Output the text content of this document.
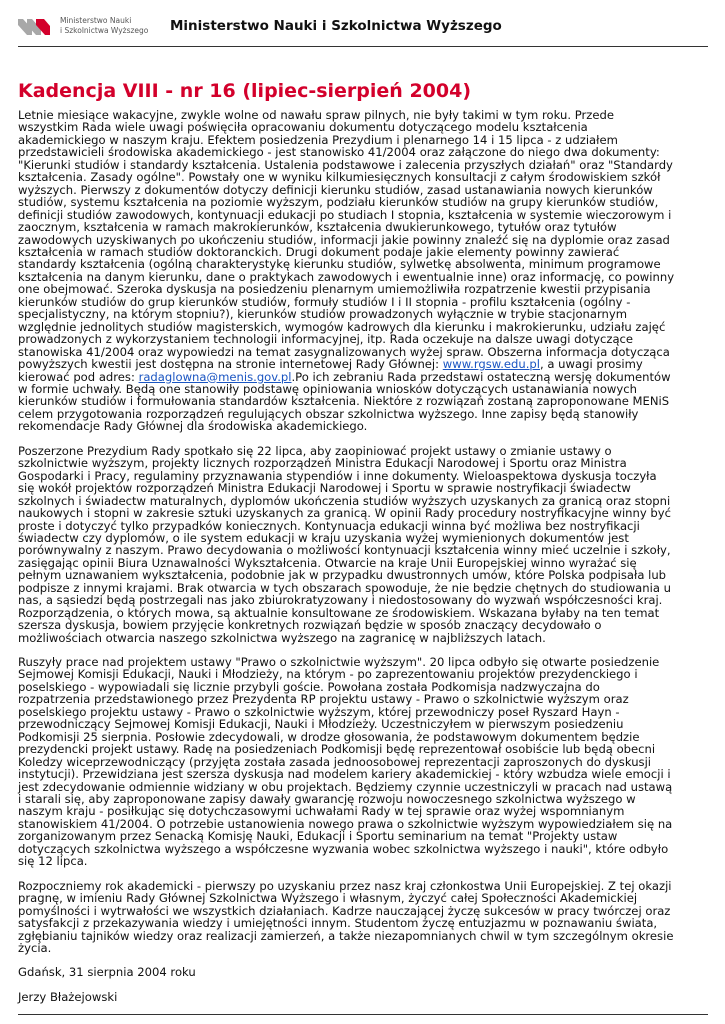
Ministerstwo Nauki
i Szkolnictwa Wyższego Ministerstwo Nauki i Szkolnictwa Wyższego
Kadencja VIII - nr 16 (lipiec-sierpień 2004)

Letnie miesiące wakacyjne, zwykle wolne od nawału spraw pilnych, nie były takimi w tym roku. Przede
wszystkim Rada wiele uwagi poświęciła opracowaniu dokumentu dotyczącego modelu kształcenia
akademickiego w naszym kraju. Efektem posiedzenia Prezydium i plenarnego 14 i 15 lipca - z udziałem
przedstawicieli środowiska akademickiego - jest stanowisko 41/2004 oraz załączone do niego dwa dokumenty:
"Kierunki studiów i standardy kształcenia. Ustalenia podstawowe i zalecenia przyszłych działań" oraz "Standardy
kształcenia. Zasady ogólne". Powstały one w wyniku kilkumiesięcznych konsultacji z całym środowiskiem szkół
wyższych. Pierwszy z dokumentów dotyczy definicji kierunku studiów, zasad ustanawiania nowych kierunków
studiów, systemu kształcenia na poziomie wyższym, podziału kierunków studiów na grupy kierunków studiów,
definicji studiów zawodowych, kontynuacji edukacji po studiach I stopnia, kształcenia w systemie wieczorowym i
zaocznym, kształcenia w ramach makrokierunków, kształcenia dwukierunkowego, tytułów oraz tytułów
zawodowych uzyskiwanych po ukończeniu studiów, informacji jakie powinny znaleźć się na dyplomie oraz zasad
kształcenia w ramach studiów doktoranckich. Drugi dokument podaje jakie elementy powinny zawierać
standardy kształcenia (ogólną charakterystykę kierunku studiów, sylwetkę absolwenta, minimum programowe
kształcenia na danym kierunku, dane o praktykach zawodowych i ewentualnie inne) oraz informację, co powinny
one obejmować. Szeroka dyskusja na posiedzeniu plenarnym umiemożliwiła rozpatrzenie kwestii przypisania
kierunków studiów do grup kierunków studiów, formuły studiów I i II stopnia - profilu kształcenia (ogólny -
specjalistyczny, na którym stopniu?), kierunków studiów prowadzonych wyłącznie w trybie stacjonarnym
względnie jednolitych studiów magisterskich, wymogów kadrowych dla kierunku i makrokierunku, udziału zajęć
prowadzonych z wykorzystaniem technologii informacyjnej, itp. Rada oczekuje na dalsze uwagi dotyczące
stanowiska 41/2004 oraz wypowiedzi na temat zasygnalizowanych wyżej spraw. Obszerna informacja dotycząca
powyższych kwestii jest dostępna na stronie internetowej Rady Głównej: www.rgsw.edu.pl, a uwagi prosimy
kierować pod adres: radaglowna@menis.gov.pl.Po ich zebraniu Rada przedstawi ostateczną wersję dokumentów
w formie uchwały. Będą one stanowiły podstawę opiniowania wniosków dotyczących ustanawiania nowych
kierunków studiów i formułowania standardów kształcenia. Niektóre z rozwiązań zostaną zaproponowane MENiS
celem przygotowania rozporządzeń regulujących obszar szkolnictwa wyższego. Inne zapisy będą stanowiły
rekomendacje Rady Głównej dla środowiska akademickiego.

Poszerzone Prezydium Rady spotkało się 22 lipca, aby zaopiniować projekt ustawy o zmianie ustawy o
szkolnictwie wyższym, projekty licznych rozporządzeń Ministra Edukacji Narodowej i Sportu oraz Ministra
Gospodarki i Pracy, regulaminy przyznawania stypendiów i inne dokumenty. Wieloaspektowa dyskusja toczyła
się wokół projektów rozporządzeń Ministra Edukacji Narodowej i Sportu w sprawie nostryfikacji świadectw
szkolnych i świadectw maturalnych, dyplomów ukończenia studiów wyższych uzyskanych za granicą oraz stopni
naukowych i stopni w zakresie sztuki uzyskanych za granicą. W opinii Rady procedury nostryfikacyjne winny być
proste i dotyczyć tylko przypadków koniecznych. Kontynuacja edukacji winna być możliwa bez nostryfikacji
świadectw czy dyplomów, o ile system edukacji w kraju uzyskania wyżej wymienionych dokumentów jest
porównywalny z naszym. Prawo decydowania o możliwości kontynuacji kształcenia winny mieć uczelnie i szkoły,
zasięgając opinii Biura Uznawalności Wykształcenia. Otwarcie na kraje Unii Europejskiej winno wyrażać się
pełnym uznawaniem wykształcenia, podobnie jak w przypadku dwustronnych umów, które Polska podpisała lub
podpisze z innymi krajami. Brak otwarcia w tych obszarach spowoduje, że nie będzie chętnych do studiowania u
nas, a sąsiedzi będą postrzegali nas jako zbiurokratyzowany i niedostosowany do wyzwań współczesności kraj.
Rozporządzenia, o których mowa, są aktualnie konsultowane ze środowiskiem. Wskazana byłaby na ten temat
szersza dyskusja, bowiem przyjęcie konkretnych rozwiązań będzie w sposób znaczący decydowało o
możliwościach otwarcia naszego szkolnictwa wyższego na zagranicę w najbliższych latach.

Ruszyły prace nad projektem ustawy "Prawo o szkolnictwie wyższym". 20 lipca odbyło się otwarte posiedzenie
Sejmowej Komisji Edukacji, Nauki i Młodzieży, na którym - po zaprezentowaniu projektów prezydenckiego i
poselskiego - wypowiadali się licznie przybyli goście. Powołana została Podkomisja nadzwyczajna do
rozpatrzenia przedstawionego przez Prezydenta RP projektu ustawy - Prawo o szkolnictwie wyższym oraz
poselskiego projektu ustawy - Prawo o szkolnictwie wyższym, której przewodniczy poseł Ryszard Hayn -
przewodniczący Sejmowej Komisji Edukacji, Nauki i Młodzieży. Uczestniczyłem w pierwszym posiedzeniu
Podkomisji 25 sierpnia. Posłowie zdecydowali, w drodze głosowania, że podstawowym dokumentem będzie
prezydencki projekt ustawy. Radę na posiedzeniach Podkomisji będę reprezentował osobiście lub będą obecni
Koledzy wiceprzewodniczący (przyjęta została zasada jednoosobowej reprezentacji zaproszonych do dyskusji
instytucji). Przewidziana jest szersza dyskusja nad modelem kariery akademickiej - który wzbudza wiele emocji i
jest zdecydowanie odmiennie widziany w obu projektach. Będziemy czynnie uczestniczyli w pracach nad ustawą
i starali się, aby zaproponowane zapisy dawały gwarancję rozwoju nowoczesnego szkolnictwa wyższego w
naszym kraju - posiłkując się dotychczasowymi uchwałami Rady w tej sprawie oraz wyżej wspomnianym
stanowiskiem 41/2004. O potrzebie ustanowienia nowego prawa o szkolnictwie wyższym wypowiedziałem się na
zorganizowanym przez Senacką Komisję Nauki, Edukacji i Sportu seminarium na temat "Projekty ustaw
dotyczących szkolnictwa wyższego a współczesne wyzwania wobec szkolnictwa wyższego i nauki", które odbyło
się 12 lipca.

Rozpoczniemy rok akademicki - pierwszy po uzyskaniu przez nasz kraj członkostwa Unii Europejskiej. Z tej okazji
pragnę, w imieniu Rady Głównej Szkolnictwa Wyższego i własnym, życzyć całej Społeczności Akademickiej
pomyślności i wytrwałości we wszystkich działaniach. Kadrze nauczającej życzę sukcesów w pracy twórczej oraz
satysfakcji z przekazywania wiedzy i umiejętności innym. Studentom życzę entuzjazmu w poznawaniu świata,
zgłębianiu tajników wiedzy oraz realizacji zamierzeń, a także niezapomnianych chwil w tym szczególnym okresie
życia.

Gdańsk, 31 sierpnia 2004 roku

Jerzy Błażejowski
